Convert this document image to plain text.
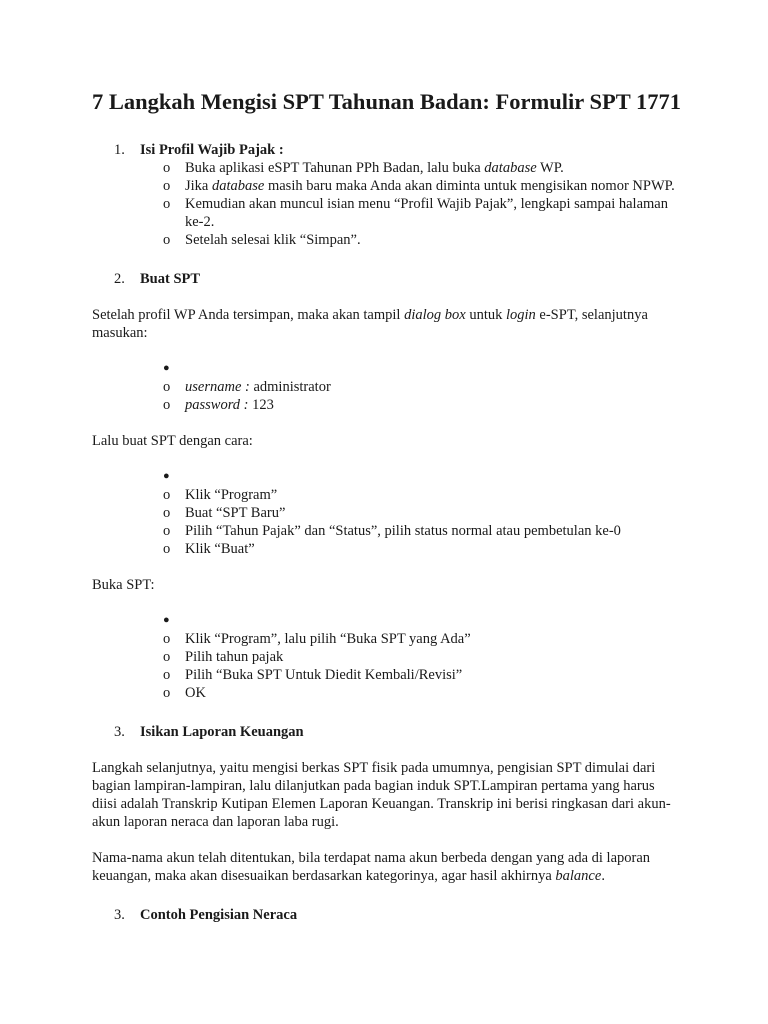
7 Langkah Mengisi SPT Tahunan Badan: Formulir SPT 1771
1. Isi Profil Wajib Pajak :
o Buka aplikasi eSPT Tahunan PPh Badan, lalu buka database WP.
o Jika database masih baru maka Anda akan diminta untuk mengisikan nomor NPWP.
o Kemudian akan muncul isian menu “Profil Wajib Pajak”, lengkapi sampai halaman ke-2.
o Setelah selesai klik “Simpan”.
2. Buat SPT

Setelah profil WP Anda tersimpan, maka akan tampil dialog box untuk login e-SPT, selanjutnya masukan:

●

o username : administrator
o password : 123

Lalu buat SPT dengan cara:

●

o Klik “Program”
o Buat “SPT Baru”
o Pilih “Tahun Pajak” dan “Status”, pilih status normal atau pembetulan ke-0
o Klik “Buat”

Buka SPT:

●

o Klik “Program”, lalu pilih “Buka SPT yang Ada”
o Pilih tahun pajak
o Pilih “Buka SPT Untuk Diedit Kembali/Revisi”
o OK
3. Isikan Laporan Keuangan

Langkah selanjutnya, yaitu mengisi berkas SPT fisik pada umumnya, pengisian SPT dimulai dari bagian lampiran-lampiran, lalu dilanjutkan pada bagian induk SPT.Lampiran pertama yang harus diisi adalah Transkrip Kutipan Elemen Laporan Keuangan. Transkrip ini berisi ringkasan dari akun-akun laporan neraca dan laporan laba rugi.

Nama-nama akun telah ditentukan, bila terdapat nama akun berbeda dengan yang ada di laporan keuangan, maka akan disesuaikan berdasarkan kategorinya, agar hasil akhirnya balance.

3. Contoh Pengisian Neraca
